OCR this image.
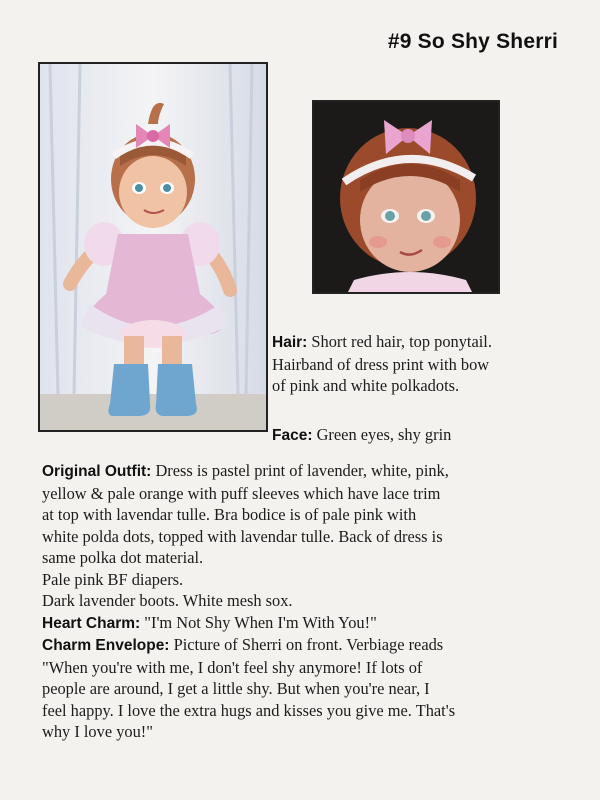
#9 So Shy Sherri
Hair: Short red hair, top ponytail.
Hairband of dress print with bow
of pink and white polkadots.
Face: Green eyes, shy grin
Original Outfit: Dress is pastel print of lavender, white, pink,
yellow & pale orange with puff sleeves which have lace trim
at top with lavendar tulle. Bra bodice is of pale pink with
white polda dots, topped with lavendar tulle. Back of dress is
same polka dot material.
Pale pink BF diapers.
Dark lavender boots. White mesh sox.
Heart Charm: "I'm Not Shy When I'm With You!"
Charm Envelope: Picture of Sherri on front. Verbiage reads
"When you're with me, I don't feel shy anymore! If lots of
people are around, I get a little shy. But when you're near, I
feel happy. I love the extra hugs and kisses you give me. That's
why I love you!"
